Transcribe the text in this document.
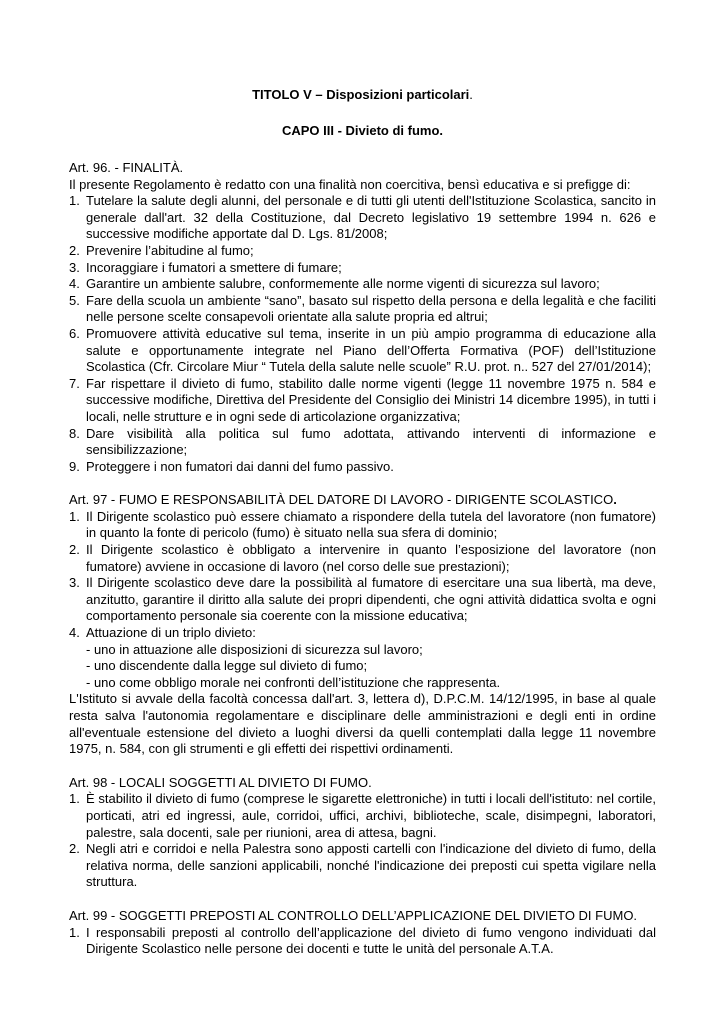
TITOLO V – Disposizioni particolari.
CAPO III - Divieto di fumo.

Art. 96. - FINALITÀ.

Il presente Regolamento è redatto con una finalità non coercitiva, bensì educativa e si prefigge di:

1. Tutelare la salute degli alunni, del personale e di tutti gli utenti dell'Istituzione Scolastica, sancito in generale dall'art. 32 della Costituzione, dal Decreto legislativo 19 settembre 1994 n. 626 e successive modifiche apportate dal D. Lgs. 81/2008;
2. Prevenire l’abitudine al fumo;
3. Incoraggiare i fumatori a smettere di fumare;
4. Garantire un ambiente salubre, conformemente alle norme vigenti di sicurezza sul lavoro;
5. Fare della scuola un ambiente “sano”, basato sul rispetto della persona e della legalità e che faciliti nelle persone scelte consapevoli orientate alla salute propria ed altrui;
6. Promuovere attività educative sul tema, inserite in un più ampio programma di educazione alla salute e opportunamente integrate nel Piano dell’Offerta Formativa (POF) dell’Istituzione Scolastica (Cfr. Circolare Miur “ Tutela della salute nelle scuole” R.U. prot. n.. 527 del 27/01/2014);
7. Far rispettare il divieto di fumo, stabilito dalle norme vigenti (legge 11 novembre 1975 n. 584 e successive modifiche, Direttiva del Presidente del Consiglio dei Ministri 14 dicembre 1995), in tutti i locali, nelle strutture e in ogni sede di articolazione organizzativa;
8. Dare visibilità alla politica sul fumo adottata, attivando interventi di informazione e sensibilizzazione;
9. Proteggere i non fumatori dai danni del fumo passivo.

Art. 97 - FUMO E RESPONSABILITÀ DEL DATORE DI LAVORO - DIRIGENTE SCOLASTICO.

1. Il Dirigente scolastico può essere chiamato a rispondere della tutela del lavoratore (non fumatore) in quanto la fonte di pericolo (fumo) è situato nella sua sfera di dominio;
2. Il Dirigente scolastico è obbligato a intervenire in quanto l’esposizione del lavoratore (non fumatore) avviene in occasione di lavoro (nel corso delle sue prestazioni);
3. Il Dirigente scolastico deve dare la possibilità al fumatore di esercitare una sua libertà, ma deve, anzitutto, garantire il diritto alla salute dei propri dipendenti, che ogni attività didattica svolta e ogni comportamento personale sia coerente con la missione educativa;
4. Attuazione di un triplo divieto:

- uno in attuazione alle disposizioni di sicurezza sul lavoro;

- uno discendente dalla legge sul divieto di fumo;

- uno come obbligo morale nei confronti dell’istituzione che rappresenta.

L'Istituto si avvale della facoltà concessa dall'art. 3, lettera d), D.P.C.M. 14/12/1995, in base al quale resta salva l'autonomia regolamentare e disciplinare delle amministrazioni e degli enti in ordine all'eventuale estensione del divieto a luoghi diversi da quelli contemplati dalla legge 11 novembre 1975, n. 584, con gli strumenti e gli effetti dei rispettivi ordinamenti.

Art. 98 - LOCALI SOGGETTI AL DIVIETO DI FUMO.

1. È stabilito il divieto di fumo (comprese le sigarette elettroniche) in tutti i locali dell'istituto: nel cortile, porticati, atri ed ingressi, aule, corridoi, uffici, archivi, biblioteche, scale, disimpegni, laboratori, palestre, sala docenti, sale per riunioni, area di attesa, bagni.
2. Negli atri e corridoi e nella Palestra sono apposti cartelli con l'indicazione del divieto di fumo, della relativa norma, delle sanzioni applicabili, nonché l'indicazione dei preposti cui spetta vigilare nella struttura.

Art. 99 - SOGGETTI PREPOSTI AL CONTROLLO DELL’APPLICAZIONE DEL DIVIETO DI FUMO.

1. I responsabili preposti al controllo dell’applicazione del divieto di fumo vengono individuati dal Dirigente Scolastico nelle persone dei docenti e tutte le unità del personale A.T.A.
